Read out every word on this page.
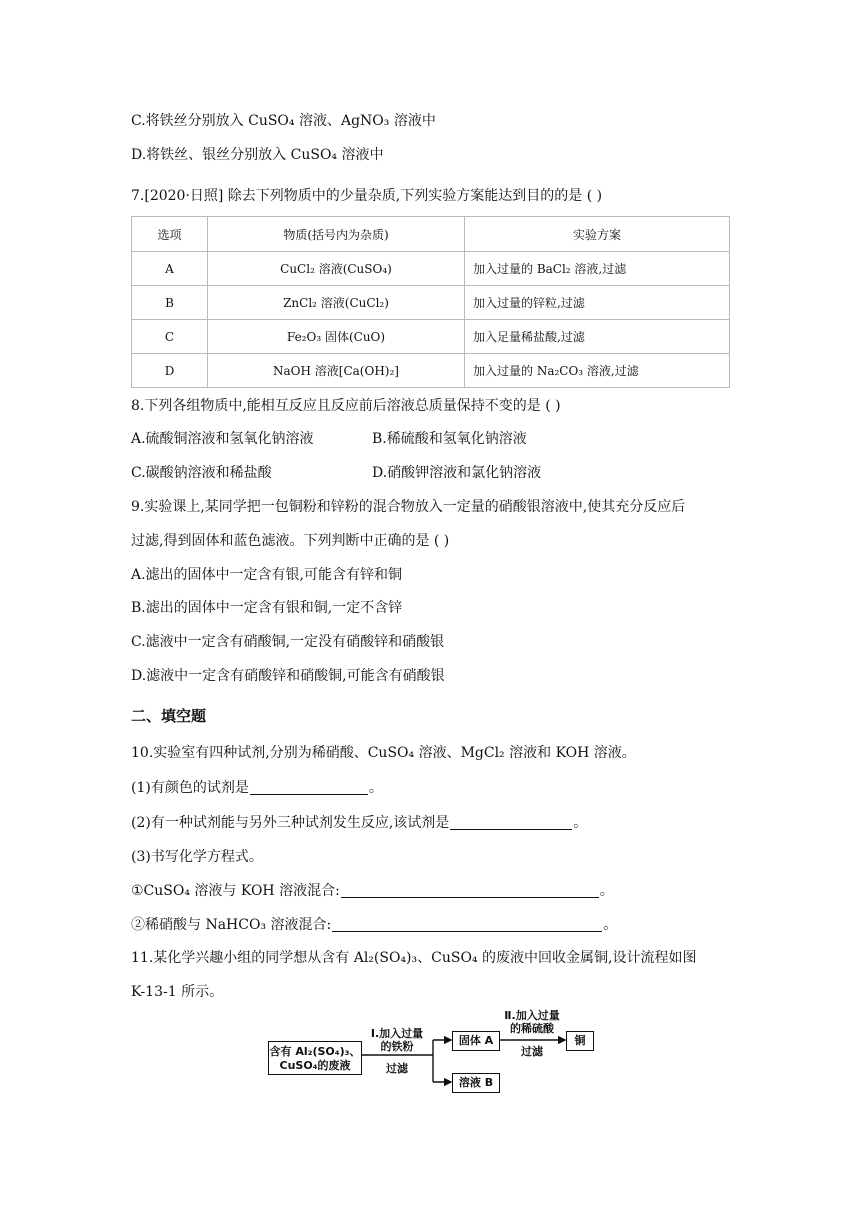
C.将铁丝分别放入 CuSO₄ 溶液、AgNO₃ 溶液中
D.将铁丝、银丝分别放入 CuSO₄ 溶液中
7.[2020·日照] 除去下列物质中的少量杂质,下列实验方案能达到目的的是 ( )
选项	物质(括号内为杂质)	实验方案
A	CuCl₂ 溶液(CuSO₄)	加入过量的 BaCl₂ 溶液,过滤
B	ZnCl₂ 溶液(CuCl₂)	加入过量的锌粒,过滤
C	Fe₂O₃ 固体(CuO)	加入足量稀盐酸,过滤
D	NaOH 溶液[Ca(OH)₂]	加入过量的 Na₂CO₃ 溶液,过滤
8.下列各组物质中,能相互反应且反应前后溶液总质量保持不变的是 ( )
A.硫酸铜溶液和氢氧化钠溶液	B.稀硫酸和氢氧化钠溶液
C.碳酸钠溶液和稀盐酸	D.硝酸钾溶液和氯化钠溶液
9.实验课上,某同学把一包铜粉和锌粉的混合物放入一定量的硝酸银溶液中,使其充分反应后
过滤,得到固体和蓝色滤液。下列判断中正确的是 ( )
A.滤出的固体中一定含有银,可能含有锌和铜
B.滤出的固体中一定含有银和铜,一定不含锌
C.滤液中一定含有硝酸铜,一定没有硝酸锌和硝酸银
D.滤液中一定含有硝酸锌和硝酸铜,可能含有硝酸银
二、填空题
10.实验室有四种试剂,分别为稀硝酸、CuSO₄ 溶液、MgCl₂ 溶液和 KOH 溶液。
(1)有颜色的试剂是	。
(2)有一种试剂能与另外三种试剂发生反应,该试剂是	。
(3)书写化学方程式。
①CuSO₄ 溶液与 KOH 溶液混合:	。
②稀硝酸与 NaHCO₃ 溶液混合:	。
11.某化学兴趣小组的同学想从含有 Al₂(SO₄)₃、CuSO₄ 的废液中回收金属铜,设计流程如图
K-13-1 所示。
含有 Al₂(SO₄)₃、
CuSO₄的废液
Ⅰ.加入过量
的铁粉
过滤
固体 A
溶液 B
Ⅱ.加入过量
的稀硫酸
过滤
铜
